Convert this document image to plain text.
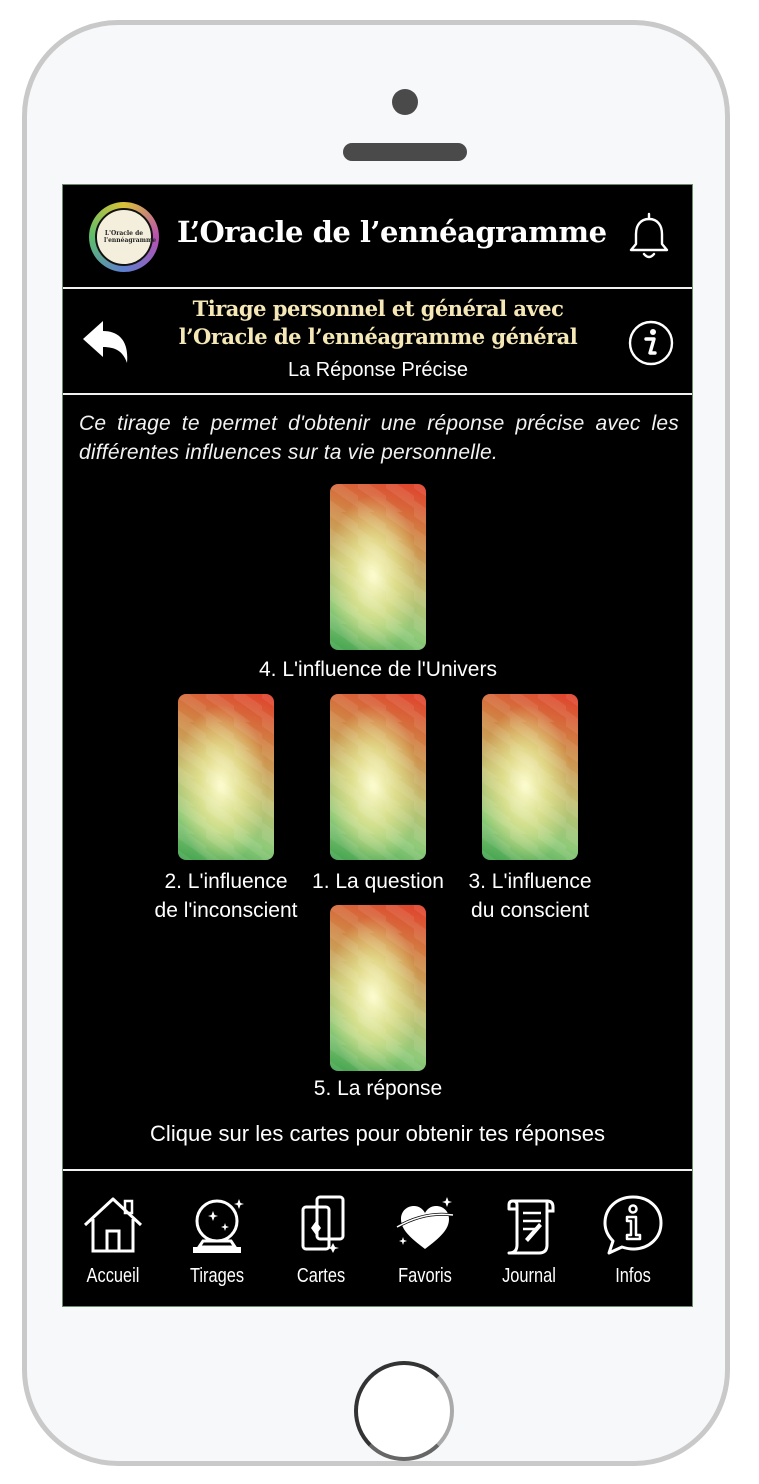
L'Oracle de l'ennéagramme L’Oracle de l’ennéagramme
Tirage personnel et général avec
l’Oracle de l’ennéagramme général
La Réponse Précise
Ce tirage te permet d'obtenir une réponse précise avec les différentes influences sur ta vie personnelle.
4. L'influence de l'Univers
2. L'influence
de l'inconscient
1. La question	3. L'influence
du conscient
5. La réponse
Clique sur les cartes pour obtenir tes réponses
Accueil	Tirages	Cartes	Favoris	Journal	Infos
